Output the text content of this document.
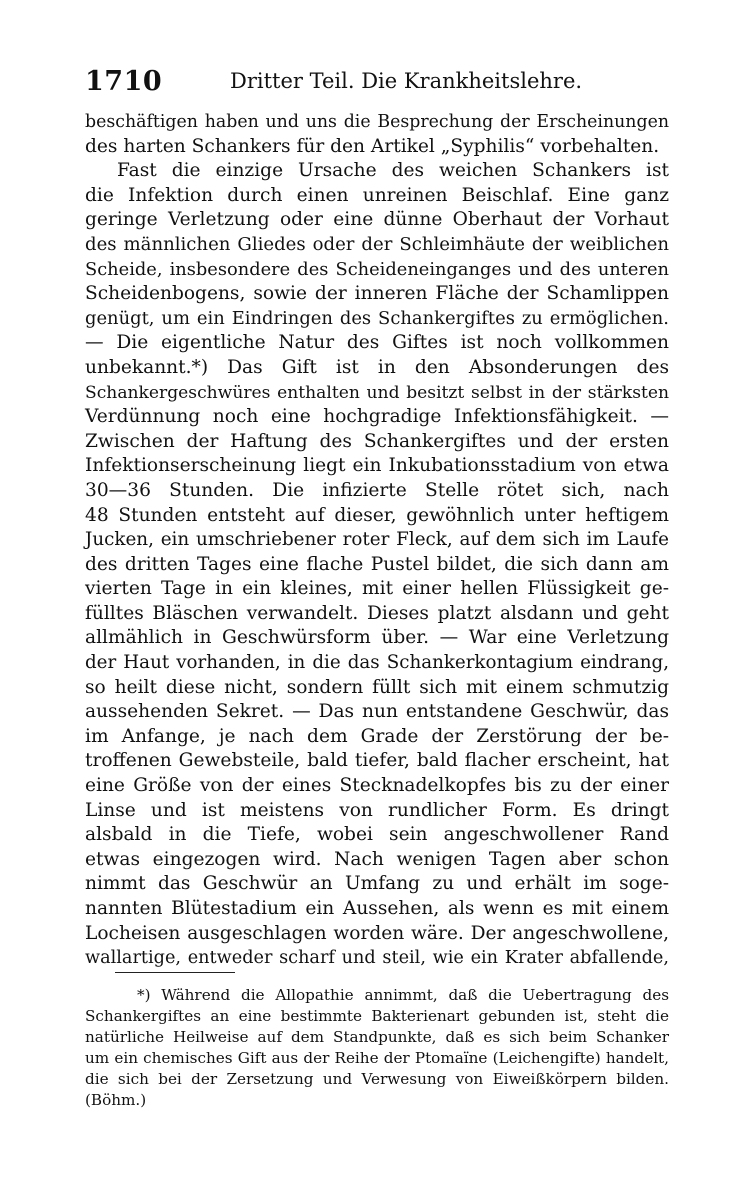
1710	Dritter Teil. Die Krankheitslehre.
beschäftigen haben und uns die Besprechung der Erscheinungen
des harten Schankers für den Artikel „Syphilis“ vorbehalten.
Fast die einzige Ursache des weichen Schankers ist
die Infektion durch einen unreinen Beischlaf. Eine ganz
geringe Verletzung oder eine dünne Oberhaut der Vorhaut
des männlichen Gliedes oder der Schleimhäute der weiblichen
Scheide, insbesondere des Scheideneinganges und des unteren
Scheidenbogens, sowie der inneren Fläche der Schamlippen
genügt, um ein Eindringen des Schankergiftes zu ermöglichen.
— Die eigentliche Natur des Giftes ist noch vollkommen
unbekannt.*) Das Gift ist in den Absonderungen des
Schankergeschwüres enthalten und besitzt selbst in der stärksten
Verdünnung noch eine hochgradige Infektionsfähigkeit. —
Zwischen der Haftung des Schankergiftes und der ersten
Infektionserscheinung liegt ein Inkubationsstadium von etwa
30—36 Stunden. Die infizierte Stelle rötet sich, nach
48 Stunden entsteht auf dieser, gewöhnlich unter heftigem
Jucken, ein umschriebener roter Fleck, auf dem sich im Laufe
des dritten Tages eine flache Pustel bildet, die sich dann am
vierten Tage in ein kleines, mit einer hellen Flüssigkeit ge-
fülltes Bläschen verwandelt. Dieses platzt alsdann und geht
allmählich in Geschwürsform über. — War eine Verletzung
der Haut vorhanden, in die das Schankerkontagium eindrang,
so heilt diese nicht, sondern füllt sich mit einem schmutzig
aussehenden Sekret. — Das nun entstandene Geschwür, das
im Anfange, je nach dem Grade der Zerstörung der be-
troffenen Gewebsteile, bald tiefer, bald flacher erscheint, hat
eine Größe von der eines Stecknadelkopfes bis zu der einer
Linse und ist meistens von rundlicher Form. Es dringt
alsbald in die Tiefe, wobei sein angeschwollener Rand
etwas eingezogen wird. Nach wenigen Tagen aber schon
nimmt das Geschwür an Umfang zu und erhält im soge-
nannten Blütestadium ein Aussehen, als wenn es mit einem
Locheisen ausgeschlagen worden wäre. Der angeschwollene,
wallartige, entweder scharf und steil, wie ein Krater abfallende,
*) Während die Allopathie annimmt, daß die Uebertragung des
Schankergiftes an eine bestimmte Bakterienart gebunden ist, steht die
natürliche Heilweise auf dem Standpunkte, daß es sich beim Schanker
um ein chemisches Gift aus der Reihe der Ptomaïne (Leichengifte) handelt,
die sich bei der Zersetzung und Verwesung von Eiweißkörpern bilden.
(Böhm.)
